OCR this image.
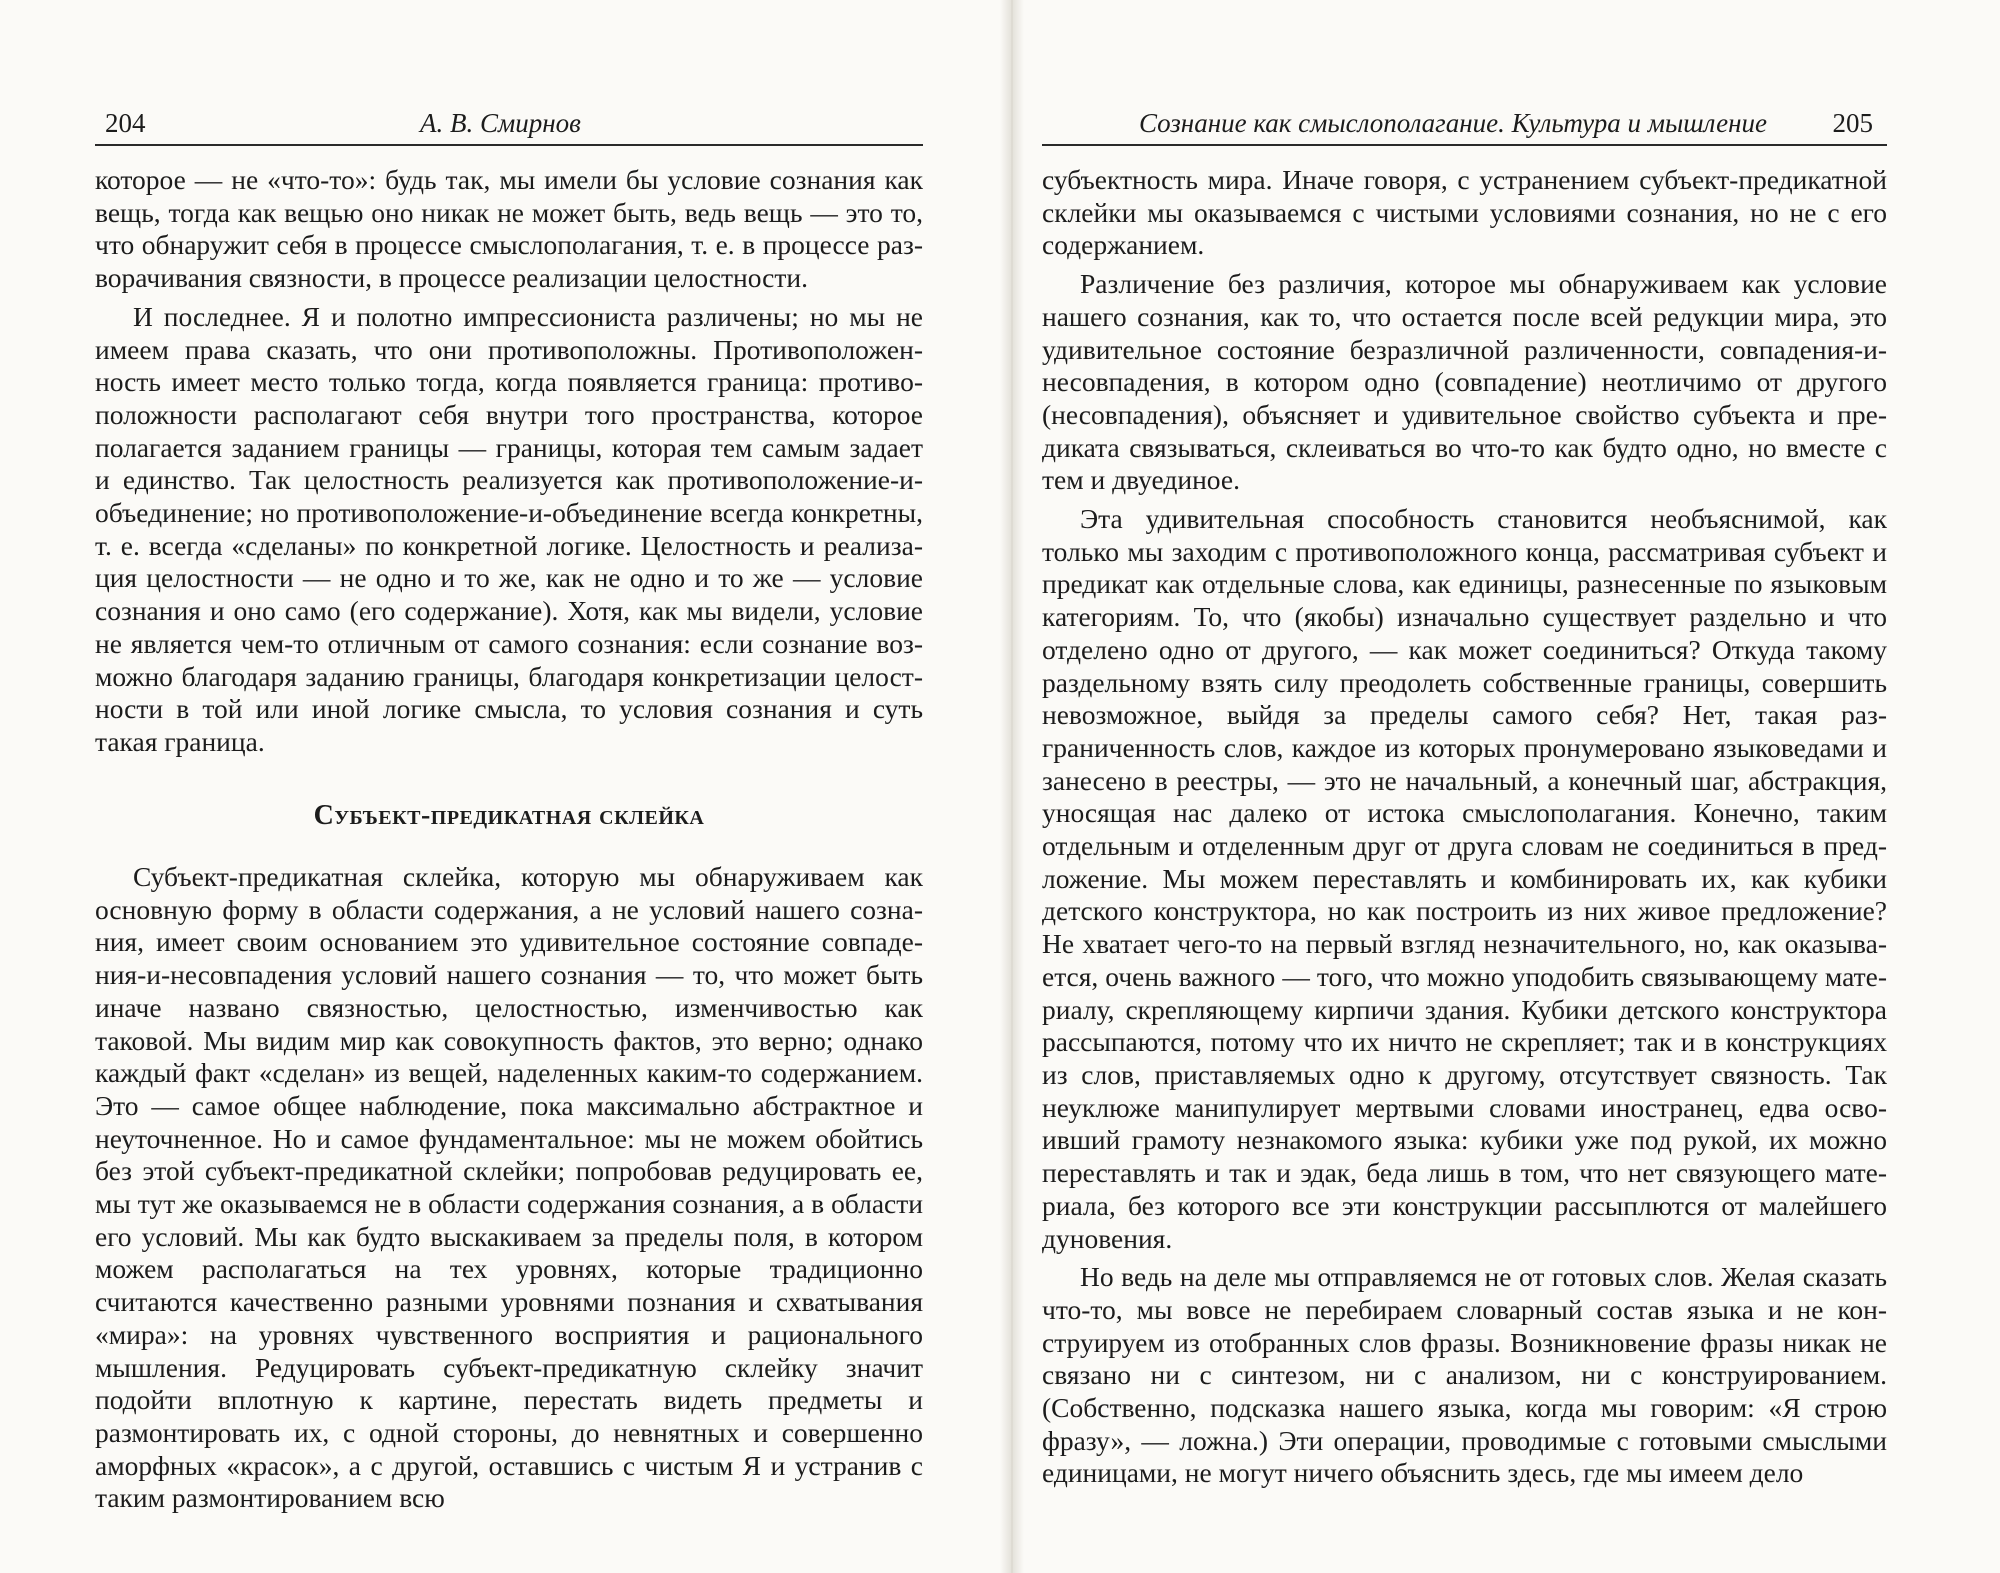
204	А. В. Смирнов

которое — не «что-то»: будь так, мы имели бы условие сознания как вещь, тогда как вещью оно никак не может быть, ведь вещь — это то, что обнаружит себя в процессе смыслополагания, т. е. в процессе разворачивания связности, в процессе реализации целостности.

И последнее. Я и полотно импрессиониста различены; но мы не имеем права сказать, что они противоположны. Противоположенность имеет место только тогда, когда появляется граница: противоположности располагают себя внутри того пространства, которое полагается заданием границы — границы, которая тем самым задает и единство. Так целостность реализуется как противоположение-и-объединение; но противоположение-и-объединение всегда конкретны, т. е. всегда «сделаны» по конкретной логике. Целостность и реализация целостности — не одно и то же, как не одно и то же — условие сознания и оно само (его содержание). Хотя, как мы видели, условие не является чем-то отличным от самого сознания: если сознание возможно благодаря заданию границы, благодаря конкретизации целостности в той или иной логике смысла, то условия сознания и суть такая граница.

Субъект-предикатная склейка

Субъект-предикатная склейка, которую мы обнаруживаем как основную форму в области содержания, а не условий нашего сознания, имеет своим основанием это удивительное состояние совпадения-и-несовпадения условий нашего сознания — то, что может быть иначе названо связностью, целостностью, изменчивостью как таковой. Мы видим мир как совокупность фактов, это верно; однако каждый факт «сделан» из вещей, наделенных каким-то содержанием. Это — самое общее наблюдение, пока максимально абстрактное и неуточненное. Но и самое фундаментальное: мы не можем обойтись без этой субъект-предикатной склейки; попробовав редуцировать ее, мы тут же оказываемся не в области содержания сознания, а в области его условий. Мы как будто выскакиваем за пределы поля, в котором можем располагаться на тех уровнях, которые традиционно считаются качественно разными уровнями познания и схватывания «мира»: на уровнях чувственного восприятия и рационального мышления. Редуцировать субъект-предикатную склейку значит подойти вплотную к картине, перестать видеть предметы и размонтировать их, с одной стороны, до невнятных и совершенно аморфных «красок», а с другой, оставшись с чистым Я и устранив с таким размонтированием всю

Сознание как смыслополагание. Культура и мышление 205

субъектность мира. Иначе говоря, с устранением субъект-предикатной склейки мы оказываемся с чистыми условиями сознания, но не с его содержанием.

Различение без различия, которое мы обнаруживаем как условие нашего сознания, как то, что остается после всей редукции мира, это удивительное состояние безразличной различенности, совпадения-и-несовпадения, в котором одно (совпадение) неотличимо от другого (несовпадения), объясняет и удивительное свойство субъекта и предиката связываться, склеиваться во что-то как будто одно, но вместе с тем и двуединое.

Эта удивительная способность становится необъяснимой, как только мы заходим с противоположного конца, рассматривая субъект и предикат как отдельные слова, как единицы, разнесенные по языковым категориям. То, что (якобы) изначально существует раздельно и что отделено одно от другого, — как может соединиться? Откуда такому раздельному взять силу преодолеть собственные границы, совершить невозможное, выйдя за пределы самого себя? Нет, такая разграниченность слов, каждое из которых пронумеровано языковедами и занесено в реестры, — это не начальный, а конечный шаг, абстракция, уносящая нас далеко от истока смыслополагания. Конечно, таким отдельным и отделенным друг от друга словам не соединиться в предложение. Мы можем переставлять и комбинировать их, как кубики детского конструктора, но как построить из них живое предложение? Не хватает чего-то на первый взгляд незначительного, но, как оказывается, очень важного — того, что можно уподобить связывающему материалу, скрепляющему кирпичи здания. Кубики детского конструктора рассыпаются, потому что их ничто не скрепляет; так и в конструкциях из слов, приставляемых одно к другому, отсутствует связность. Так неуклюже манипулирует мертвыми словами иностранец, едва освоивший грамоту незнакомого языка: кубики уже под рукой, их можно переставлять и так и эдак, беда лишь в том, что нет связующего материала, без которого все эти конструкции рассыплются от малейшего дуновения.

Но ведь на деле мы отправляемся не от готовых слов. Желая сказать что-то, мы вовсе не перебираем словарный состав языка и не конструируем из отобранных слов фразы. Возникновение фразы никак не связано ни с синтезом, ни с анализом, ни с конструированием. (Собственно, подсказка нашего языка, когда мы говорим: «Я строю фразу», — ложна.) Эти операции, проводимые с готовыми смыслыми единицами, не могут ничего объяснить здесь, где мы имеем дело
